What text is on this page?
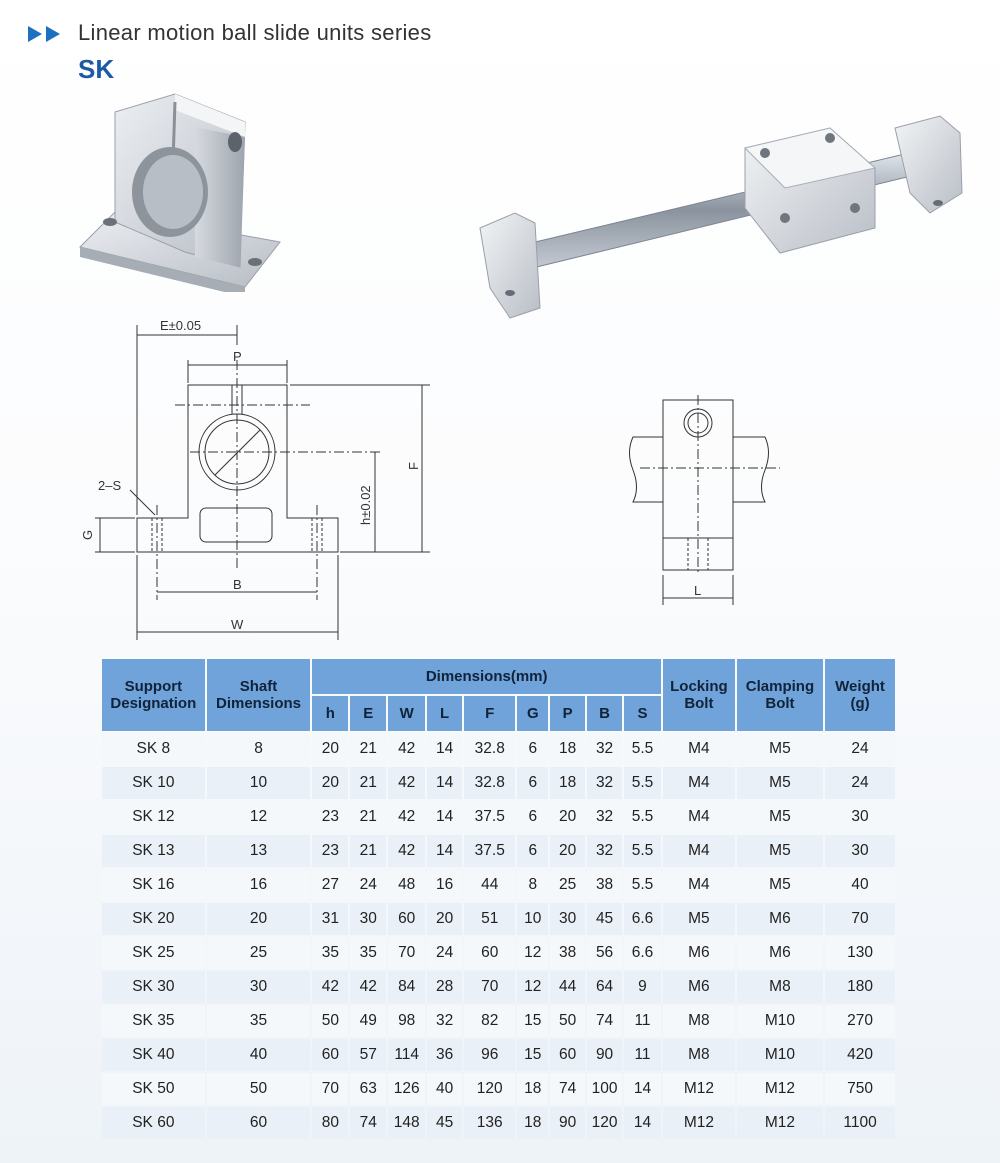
Linear motion ball slide units series
SK
E±0.05
P
2–S
B
W
L
G
h±0.02
F
Support Designation	Shaft Dimensions	Dimensions(mm)									Locking Bolt	Clamping Bolt	Weight (g)
		h	E	W	L	F	G	P	B	S			
SK 8	8	20	21	42	14	32.8	6	18	32	5.5	M4	M5	24
SK 10	10	20	21	42	14	32.8	6	18	32	5.5	M4	M5	24
SK 12	12	23	21	42	14	37.5	6	20	32	5.5	M4	M5	30
SK 13	13	23	21	42	14	37.5	6	20	32	5.5	M4	M5	30
SK 16	16	27	24	48	16	44	8	25	38	5.5	M4	M5	40
SK 20	20	31	30	60	20	51	10	30	45	6.6	M5	M6	70
SK 25	25	35	35	70	24	60	12	38	56	6.6	M6	M6	130
SK 30	30	42	42	84	28	70	12	44	64	9	M6	M8	180
SK 35	35	50	49	98	32	82	15	50	74	11	M8	M10	270
SK 40	40	60	57	114	36	96	15	60	90	11	M8	M10	420
SK 50	50	70	63	126	40	120	18	74	100	14	M12	M12	750
SK 60	60	80	74	148	45	136	18	90	120	14	M12	M12	1100
